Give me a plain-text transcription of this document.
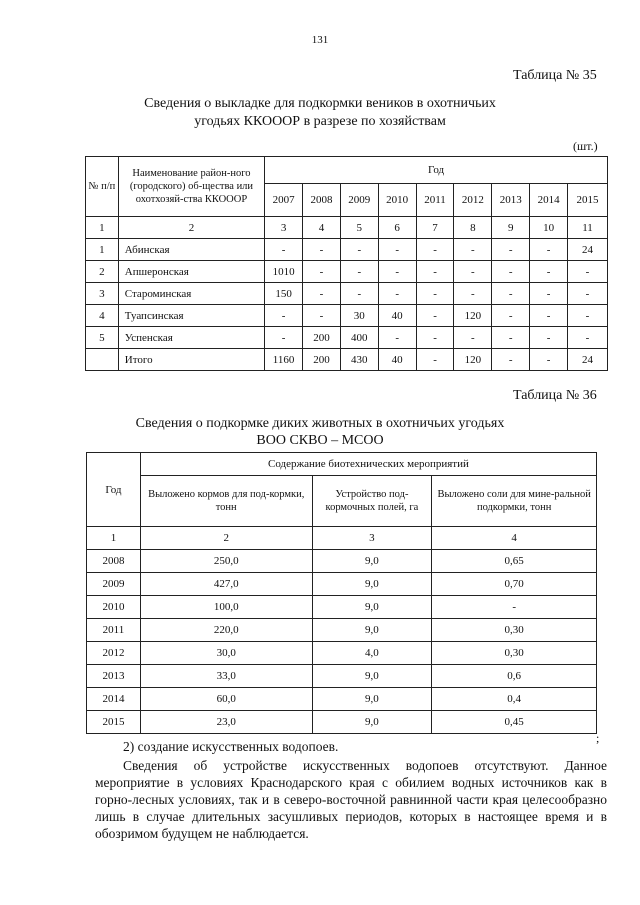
131
Таблица № 35
Сведения о выкладке для подкормки веников в охотничьих
угодьях ККОООР в разрезе по хозяйствам
(шт.)
№ п/п	Наименование район-ного (городского) об-щества или охотхозяй-ства ККОООР	Год								
		2007	2008	2009	2010	2011	2012	2013	2014	2015
1	2	3	4	5	6	7	8	9	10	11
1	Абинская	-	-	-	-	-	-	-	-	24
2	Апшеронская	1010	-	-	-	-	-	-	-	-
3	Староминская	150	-	-	-	-	-	-	-	-
4	Туапсинская	-	-	30	40	-	120	-	-	-
5	Успенская	-	200	400	-	-	-	-	-	-
	Итого	1160	200	430	40	-	120	-	-	24
Таблица № 36
Сведения о подкормке диких животных в охотничьих угодьях
ВОО СКВО – МСОО
Год	Содержание биотехнических мероприятий		
	Выложено кормов для под-кормки, тонн	Устройство под-кормочных полей, га	Выложено соли для мине-ральной подкормки, тонн
1	2	3	4
2008	250,0	9,0	0,65
2009	427,0	9,0	0,70
2010	100,0	9,0	-
2011	220,0	9,0	0,30
2012	30,0	4,0	0,30
2013	33,0	9,0	0,6
2014	60,0	9,0	0,4
2015	23,0	9,0	0,45
2) создание искусственных водопоев.
;
Сведения об устройстве искусственных водопоев отсутствуют. Данное мероприятие в условиях Краснодарского края с обилием водных источников как в горно-лесных условиях, так и в северо-восточной равнинной части края целесообразно лишь в случае длительных засушливых периодов, которых в настоящее время и в обозримом будущем не наблюдается.
